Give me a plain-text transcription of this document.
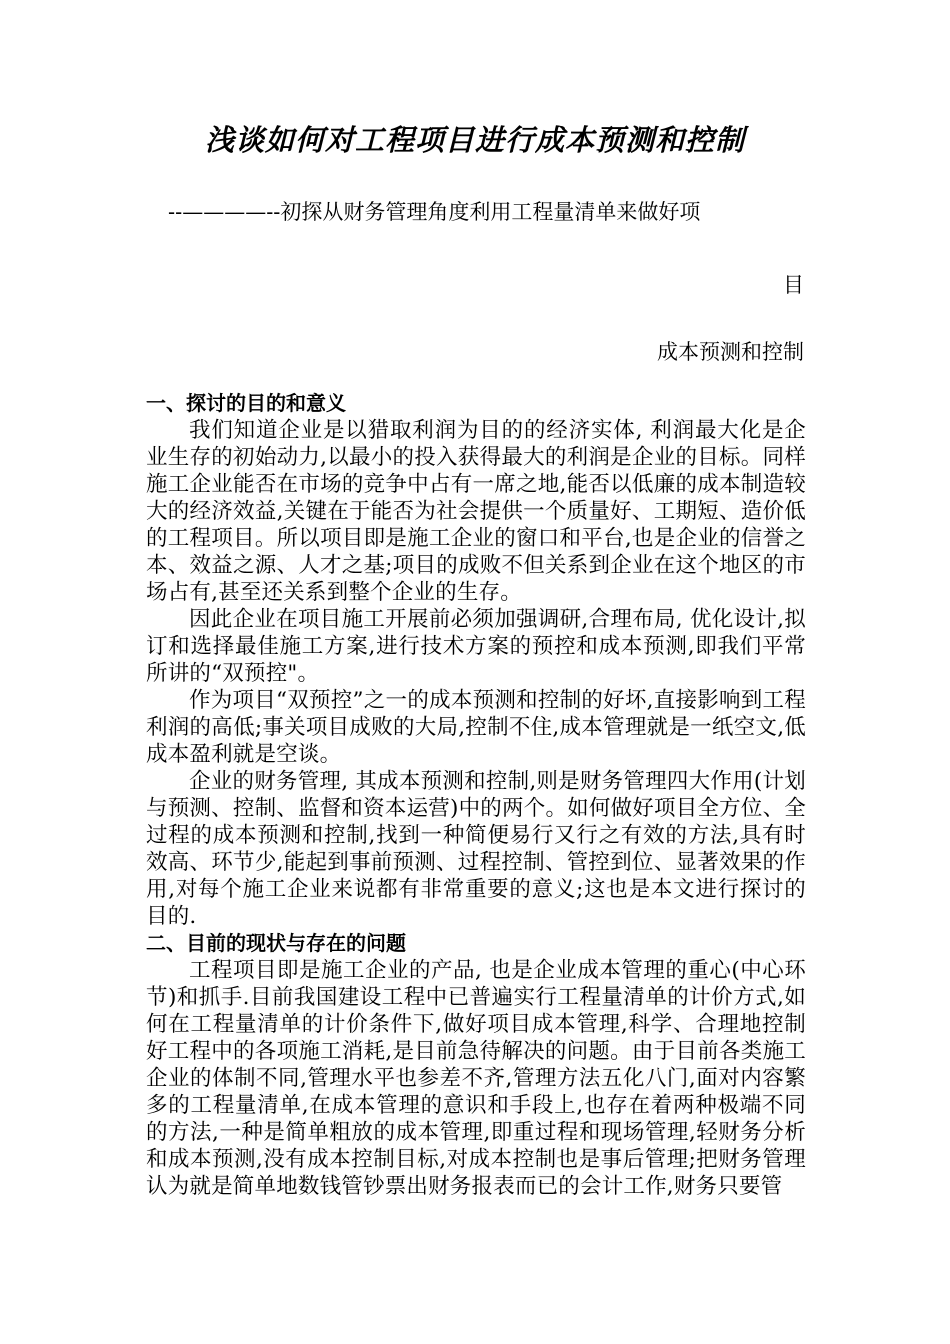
浅谈如何对工程项目进行成本预测和控制
--————--初探从财务管理角度利用工程量清单来做好项
目
成本预测和控制
一、探讨的目的和意义

我们知道企业是以猎取利润为目的的经济实体, 利润最大化是企业生存的初始动力,以最小的投入获得最大的利润是企业的目标。同样施工企业能否在市场的竞争中占有一席之地,能否以低廉的成本制造较大的经济效益,关键在于能否为社会提供一个质量好、工期短、造价低的工程项目。所以项目即是施工企业的窗口和平台,也是企业的信誉之本、效益之源、人才之基;项目的成败不但关系到企业在这个地区的市场占有,甚至还关系到整个企业的生存。

因此企业在项目施工开展前必须加强调研,合理布局, 优化设计,拟订和选择最佳施工方案,进行技术方案的预控和成本预测,即我们平常所讲的“双预控"。

作为项目“双预控”之一的成本预测和控制的好坏,直接影响到工程利润的高低;事关项目成败的大局,控制不住,成本管理就是一纸空文,低成本盈利就是空谈。

企业的财务管理, 其成本预测和控制,则是财务管理四大作用(计划与预测、控制、监督和资本运营)中的两个。如何做好项目全方位、全过程的成本预测和控制,找到一种简便易行又行之有效的方法,具有时效高、环节少,能起到事前预测、过程控制、管控到位、显著效果的作用,对每个施工企业来说都有非常重要的意义;这也是本文进行探讨的目的.

二、目前的现状与存在的问题

工程项目即是施工企业的产品, 也是企业成本管理的重心(中心环节)和抓手.目前我国建设工程中已普遍实行工程量清单的计价方式,如何在工程量清单的计价条件下,做好项目成本管理,科学、合理地控制好工程中的各项施工消耗,是目前急待解决的问题。由于目前各类施工企业的体制不同,管理水平也参差不齐,管理方法五化八门,面对内容繁多的工程量清单,在成本管理的意识和手段上,也存在着两种极端不同的方法,一种是简单粗放的成本管理,即重过程和现场管理,轻财务分析和成本预测,没有成本控制目标,对成本控制也是事后管理;把财务管理认为就是简单地数钱管钞票出财务报表而已的会计工作,财务只要管
